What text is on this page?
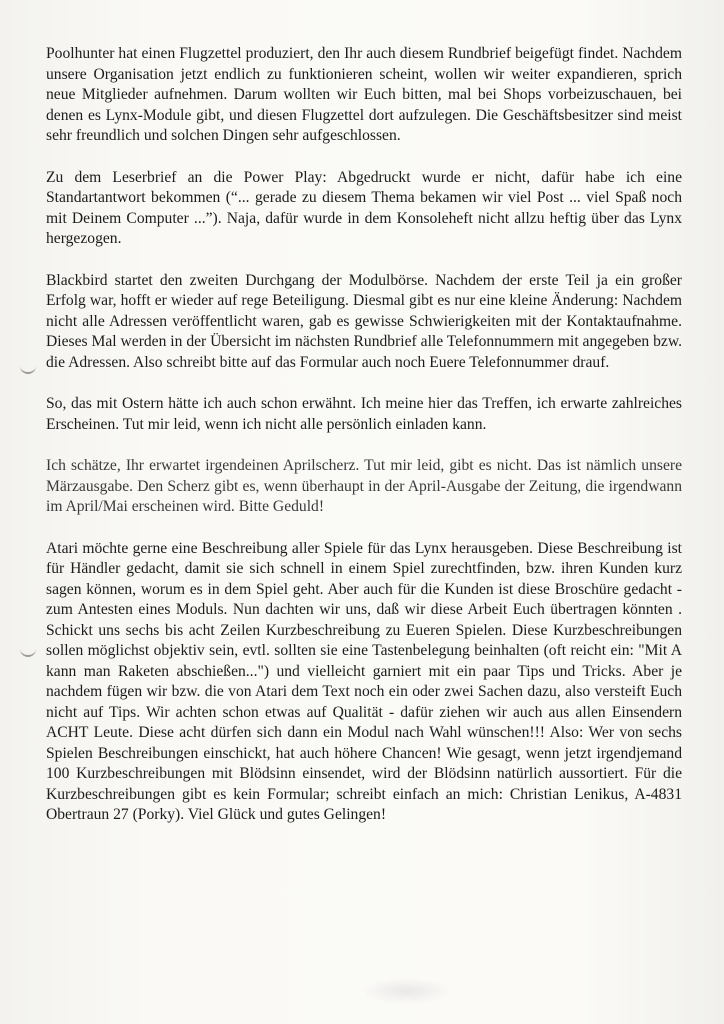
Poolhunter hat einen Flugzettel produziert, den Ihr auch diesem Rundbrief beigefügt findet. Nachdem unsere Organisation jetzt endlich zu funktionieren scheint, wollen wir weiter expandieren, sprich neue Mitglieder aufnehmen. Darum wollten wir Euch bitten, mal bei Shops vorbeizuschauen, bei denen es Lynx-Module gibt, und diesen Flugzettel dort aufzulegen. Die Geschäftsbesitzer sind meist sehr freundlich und solchen Dingen sehr aufgeschlossen.

Zu dem Leserbrief an die Power Play: Abgedruckt wurde er nicht, dafür habe ich eine Standartantwort bekommen (“... gerade zu diesem Thema bekamen wir viel Post ... viel Spaß noch mit Deinem Computer ...”). Naja, dafür wurde in dem Konsoleheft nicht allzu heftig über das Lynx hergezogen.

Blackbird startet den zweiten Durchgang der Modulbörse. Nachdem der erste Teil ja ein großer Erfolg war, hofft er wieder auf rege Beteiligung. Diesmal gibt es nur eine kleine Änderung: Nachdem nicht alle Adressen veröffentlicht waren, gab es gewisse Schwierigkeiten mit der Kontaktaufnahme. Dieses Mal werden in der Übersicht im nächsten Rundbrief alle Telefonnummern mit angegeben bzw. die Adressen. Also schreibt bitte auf das Formular auch noch Euere Telefonnummer drauf.

So, das mit Ostern hätte ich auch schon erwähnt. Ich meine hier das Treffen, ich erwarte zahlreiches Erscheinen. Tut mir leid, wenn ich nicht alle persönlich einladen kann.

Ich schätze, Ihr erwartet irgendeinen Aprilscherz. Tut mir leid, gibt es nicht. Das ist nämlich unsere Märzausgabe. Den Scherz gibt es, wenn überhaupt in der April-Ausgabe der Zeitung, die irgendwann im April/Mai erscheinen wird. Bitte Geduld!

Atari möchte gerne eine Beschreibung aller Spiele für das Lynx herausgeben. Diese Beschreibung ist für Händler gedacht, damit sie sich schnell in einem Spiel zurechtfinden, bzw. ihren Kunden kurz sagen können, worum es in dem Spiel geht. Aber auch für die Kunden ist diese Broschüre gedacht - zum Antesten eines Moduls. Nun dachten wir uns, daß wir diese Arbeit Euch übertragen könnten . Schickt uns sechs bis acht Zeilen Kurzbeschreibung zu Eueren Spielen. Diese Kurzbeschreibungen sollen möglichst objektiv sein, evtl. sollten sie eine Tastenbelegung beinhalten (oft reicht ein: "Mit A kann man Raketen abschießen...") und vielleicht garniert mit ein paar Tips und Tricks. Aber je nachdem fügen wir bzw. die von Atari dem Text noch ein oder zwei Sachen dazu, also versteift Euch nicht auf Tips. Wir achten schon etwas auf Qualität - dafür ziehen wir auch aus allen Einsendern ACHT Leute. Diese acht dürfen sich dann ein Modul nach Wahl wünschen!!! Also: Wer von sechs Spielen Beschreibungen einschickt, hat auch höhere Chancen! Wie gesagt, wenn jetzt irgendjemand 100 Kurzbeschreibungen mit Blödsinn einsendet, wird der Blödsinn natürlich aussortiert. Für die Kurzbeschreibungen gibt es kein Formular; schreibt einfach an mich: Christian Lenikus, A-4831 Obertraun 27 (Porky). Viel Glück und gutes Gelingen!
